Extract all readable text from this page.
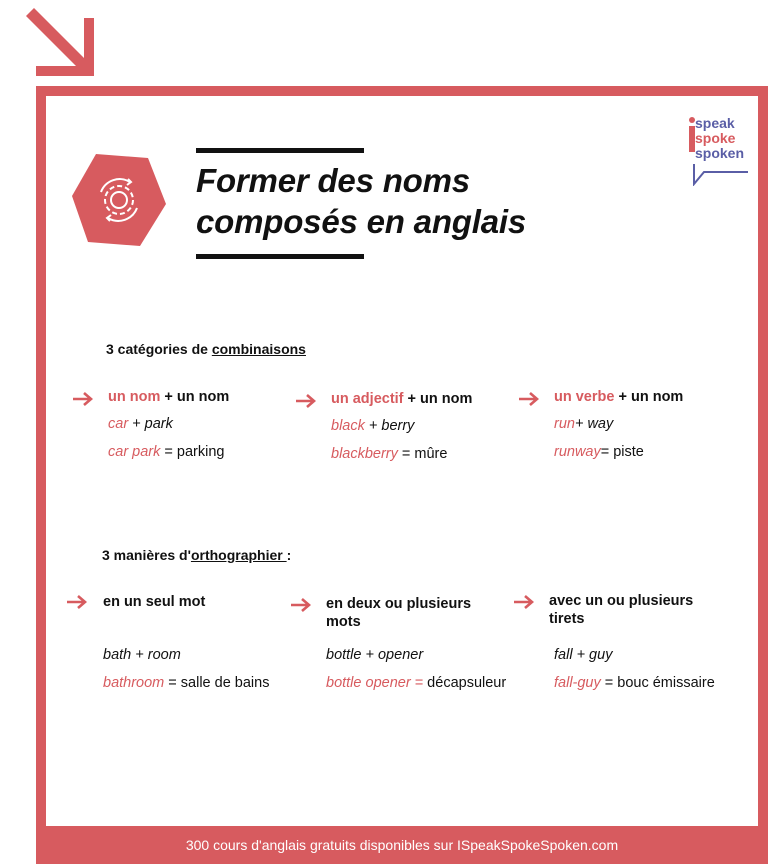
Former des noms
composés en anglais
speak
spoke
spoken
3 catégories de combinaisons
un nom + un nom
car + park
car park = parking
un adjectif + un nom
black + berry
blackberry = mûre
un verbe + un nom
run+ way
runway= piste
3 manières d'orthographier :
en un seul mot
bath + room
bathroom = salle de bains
en deux ou plusieurs mots
bottle + opener
bottle opener = décapsuleur
avec un ou plusieurs tirets
fall + guy
fall-guy = bouc émissaire
300 cours d'anglais gratuits disponibles sur ISpeakSpokeSpoken.com
